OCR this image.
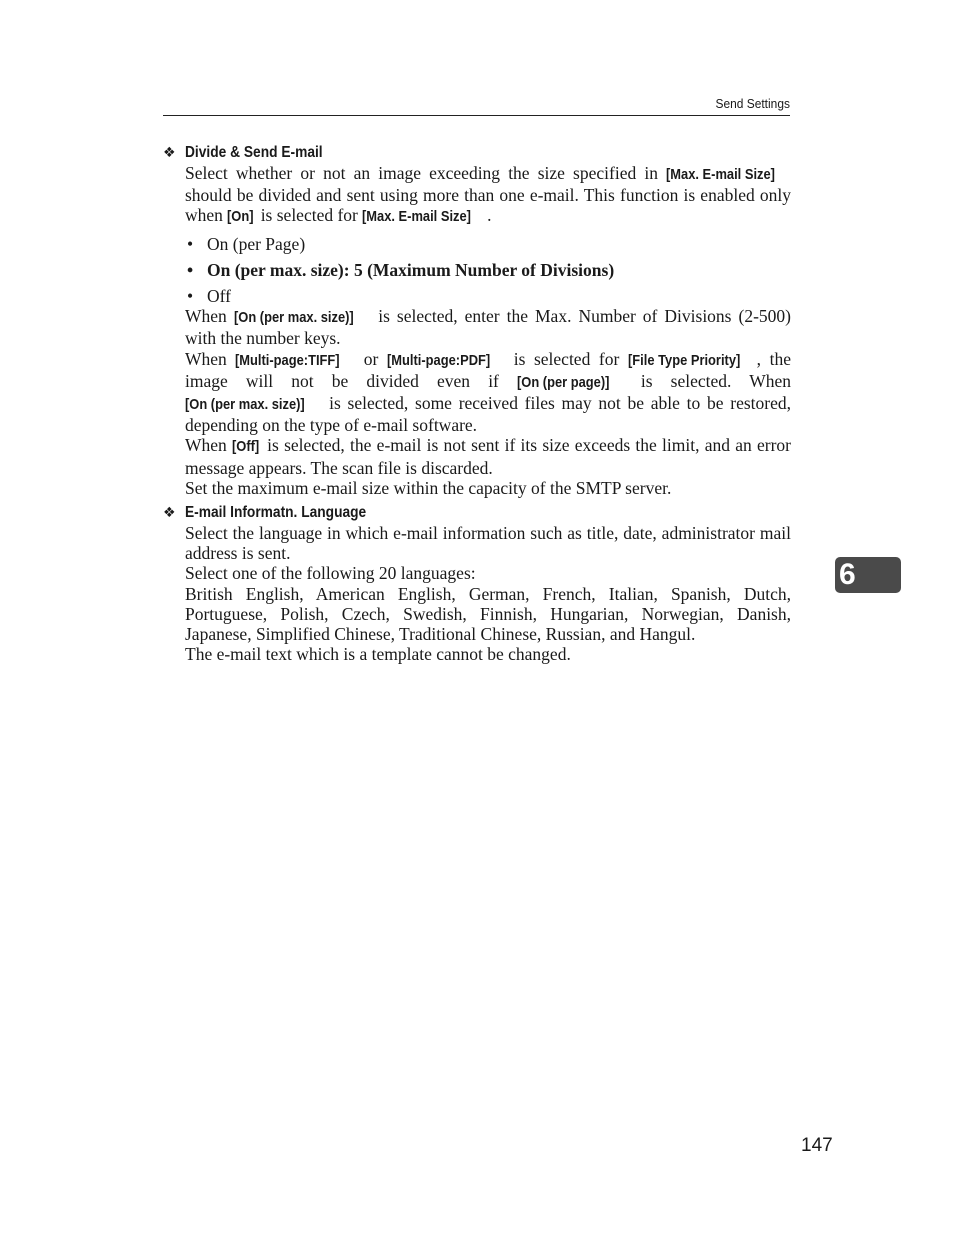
Send Settings
❖ Divide & Send E-mail

Select whether or not an image exceeding the size specified in [Max. E-mail Size] should be divided and sent using more than one e-mail. This function is enabled only when [On] is selected for [Max. E-mail Size] .

• On (per Page)
• On (per max. size): 5 (Maximum Number of Divisions)
• Off

When [On (per max. size)] is selected, enter the Max. Number of Divisions (2-500) with the number keys.

When [Multi-page:TIFF] or [Multi-page:PDF] is selected for [File Type Priority] , the image will not be divided even if [On (per page)] is selected. When [On (per max. size)] is selected, some received files may not be able to be restored, depending on the type of e-mail software.

When [Off] is selected, the e-mail is not sent if its size exceeds the limit, and an error message appears. The scan file is discarded.

Set the maximum e-mail size within the capacity of the SMTP server.

❖ E-mail Informatn. Language

Select the language in which e-mail information such as title, date, administrator mail address is sent.

Select one of the following 20 languages:

British English, American English, German, French, Italian, Spanish, Dutch, Portuguese, Polish, Czech, Swedish, Finnish, Hungarian, Norwegian, Danish, Japanese, Simplified Chinese, Traditional Chinese, Russian, and Hangul.

The e-mail text which is a template cannot be changed.

6
147
